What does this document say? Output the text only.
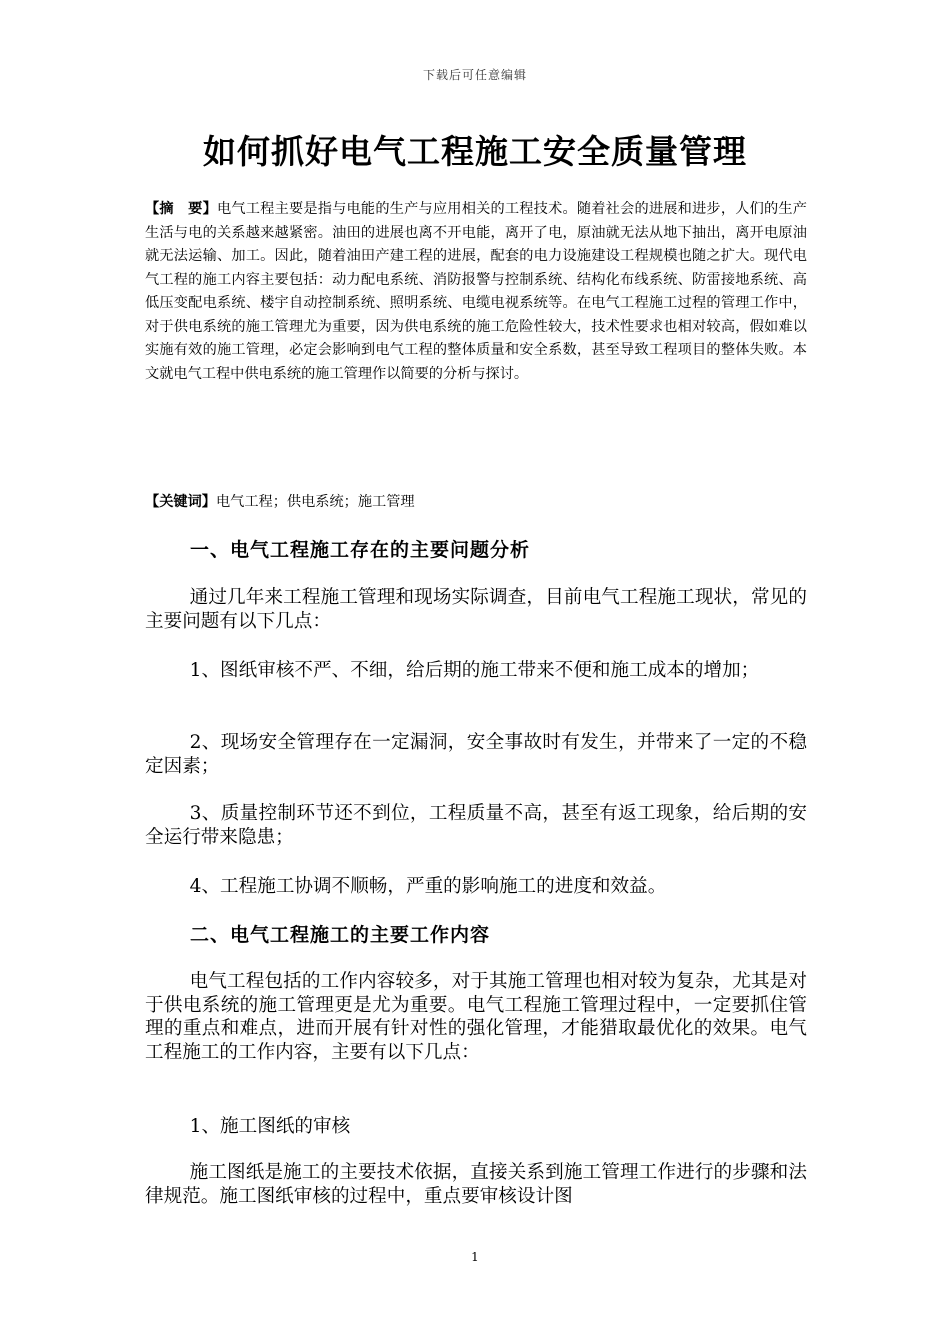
下载后可任意编辑
如何抓好电气工程施工安全质量管理

【摘　要】电气工程主要是指与电能的生产与应用相关的工程技术。随着社会的进展和进步，人们的生产生活与电的关系越来越紧密。油田的进展也离不开电能，离开了电，原油就无法从地下抽出，离开电原油就无法运输、加工。因此，随着油田产建工程的进展，配套的电力设施建设工程规模也随之扩大。现代电气工程的施工内容主要包括：动力配电系统、消防报警与控制系统、结构化布线系统、防雷接地系统、高低压变配电系统、楼宇自动控制系统、照明系统、电缆电视系统等。在电气工程施工过程的管理工作中，对于供电系统的施工管理尤为重要，因为供电系统的施工危险性较大，技术性要求也相对较高，假如难以实施有效的施工管理，必定会影响到电气工程的整体质量和安全系数，甚至导致工程项目的整体失败。本文就电气工程中供电系统的施工管理作以简要的分析与探讨。

【关键词】电气工程；供电系统；施工管理

一、电气工程施工存在的主要问题分析

通过几年来工程施工管理和现场实际调查，目前电气工程施工现状，常见的主要问题有以下几点：

1、图纸审核不严、不细，给后期的施工带来不便和施工成本的增加；

2、现场安全管理存在一定漏洞，安全事故时有发生，并带来了一定的不稳定因素；

3、质量控制环节还不到位，工程质量不高，甚至有返工现象，给后期的安全运行带来隐患；

4、工程施工协调不顺畅，严重的影响施工的进度和效益。

二、电气工程施工的主要工作内容

电气工程包括的工作内容较多，对于其施工管理也相对较为复杂，尤其是对于供电系统的施工管理更是尤为重要。电气工程施工管理过程中，一定要抓住管理的重点和难点，进而开展有针对性的强化管理，才能猎取最优化的效果。电气工程施工的工作内容，主要有以下几点：

1、施工图纸的审核

施工图纸是施工的主要技术依据，直接关系到施工管理工作进行的步骤和法律规范。施工图纸审核的过程中，重点要审核设计图

1
